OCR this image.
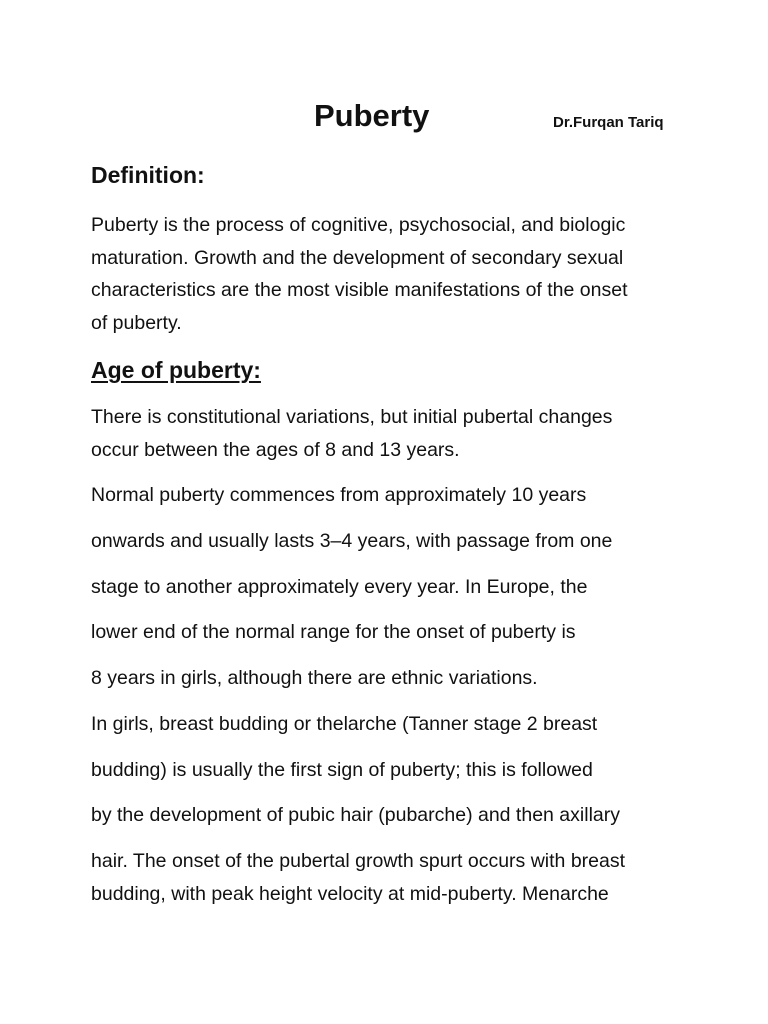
Puberty	Dr.Furqan Tariq
Definition:
Puberty is the process of cognitive, psychosocial, and biologic
maturation. Growth and the development of secondary sexual
characteristics are the most visible manifestations of the onset
of puberty.
Age of puberty:
There is constitutional variations, but initial pubertal changes
occur between the ages of 8 and 13 years.
Normal puberty commences from approximately 10 years
onwards and usually lasts 3–4 years, with passage from one
stage to another approximately every year. In Europe, the
lower end of the normal range for the onset of puberty is
8 years in girls, although there are ethnic variations.
In girls, breast budding or thelarche (Tanner stage 2 breast
budding) is usually the first sign of puberty; this is followed
by the development of pubic hair (pubarche) and then axillary
hair. The onset of the pubertal growth spurt occurs with breast
budding, with peak height velocity at mid-puberty. Menarche
